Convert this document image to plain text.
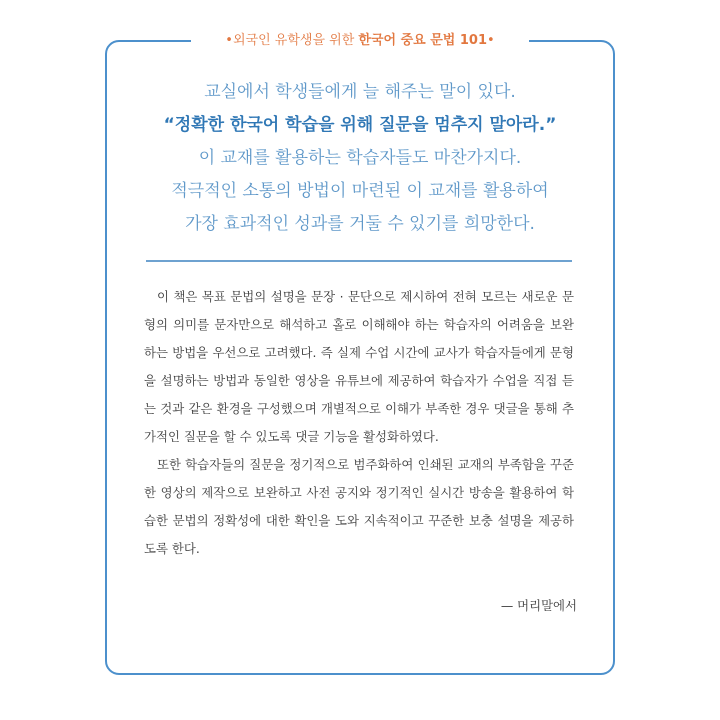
•외국인 유학생을 위한 한국어 중요 문법 101•
교실에서 학생들에게 늘 해주는 말이 있다.
“정확한 한국어 학습을 위해 질문을 멈추지 말아라.”
이 교재를 활용하는 학습자들도 마찬가지다.
적극적인 소통의 방법이 마련된 이 교재를 활용하여
가장 효과적인 성과를 거둘 수 있기를 희망한다.

이 책은 목표 문법의 설명을 문장 · 문단으로 제시하여 전혀 모르는 새로운 문형의 의미를 문자만으로 해석하고 홀로 이해해야 하는 학습자의 어려움을 보완하는 방법을 우선으로 고려했다. 즉 실제 수업 시간에 교사가 학습자들에게 문형을 설명하는 방법과 동일한 영상을 유튜브에 제공하여 학습자가 수업을 직접 듣는 것과 같은 환경을 구성했으며 개별적으로 이해가 부족한 경우 댓글을 통해 추가적인 질문을 할 수 있도록 댓글 기능을 활성화하였다.

또한 학습자들의 질문을 정기적으로 범주화하여 인쇄된 교재의 부족함을 꾸준한 영상의 제작으로 보완하고 사전 공지와 정기적인 실시간 방송을 활용하여 학습한 문법의 정확성에 대한 확인을 도와 지속적이고 꾸준한 보충 설명을 제공하도록 한다.

— 머리말에서
